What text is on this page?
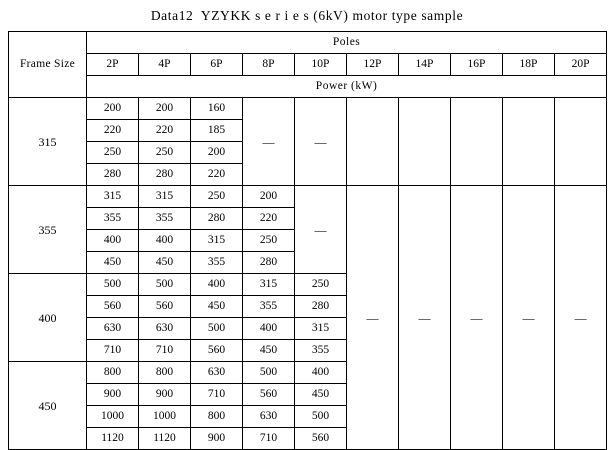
Data12  YZYKK s e r i e s (6kV) motor type sample
Frame Size	Poles									
	2P	4P	6P	8P	10P	12P	14P	16P	18P	20P
	Power (kW)									
315	200	200	160	—	—					
	220	220	185							
	250	250	200							
	280	280	220							
355	315	315	250	200	—	—	—	—	—	—
	355	355	280	220						
	400	400	315	250						
	450	450	355	280						
400	500	500	400	315	250					
	560	560	450	355	280					
	630	630	500	400	315					
	710	710	560	450	355					
450	800	800	630	500	400					
	900	900	710	560	450					
	1000	1000	800	630	500					
	1120	1120	900	710	560					
